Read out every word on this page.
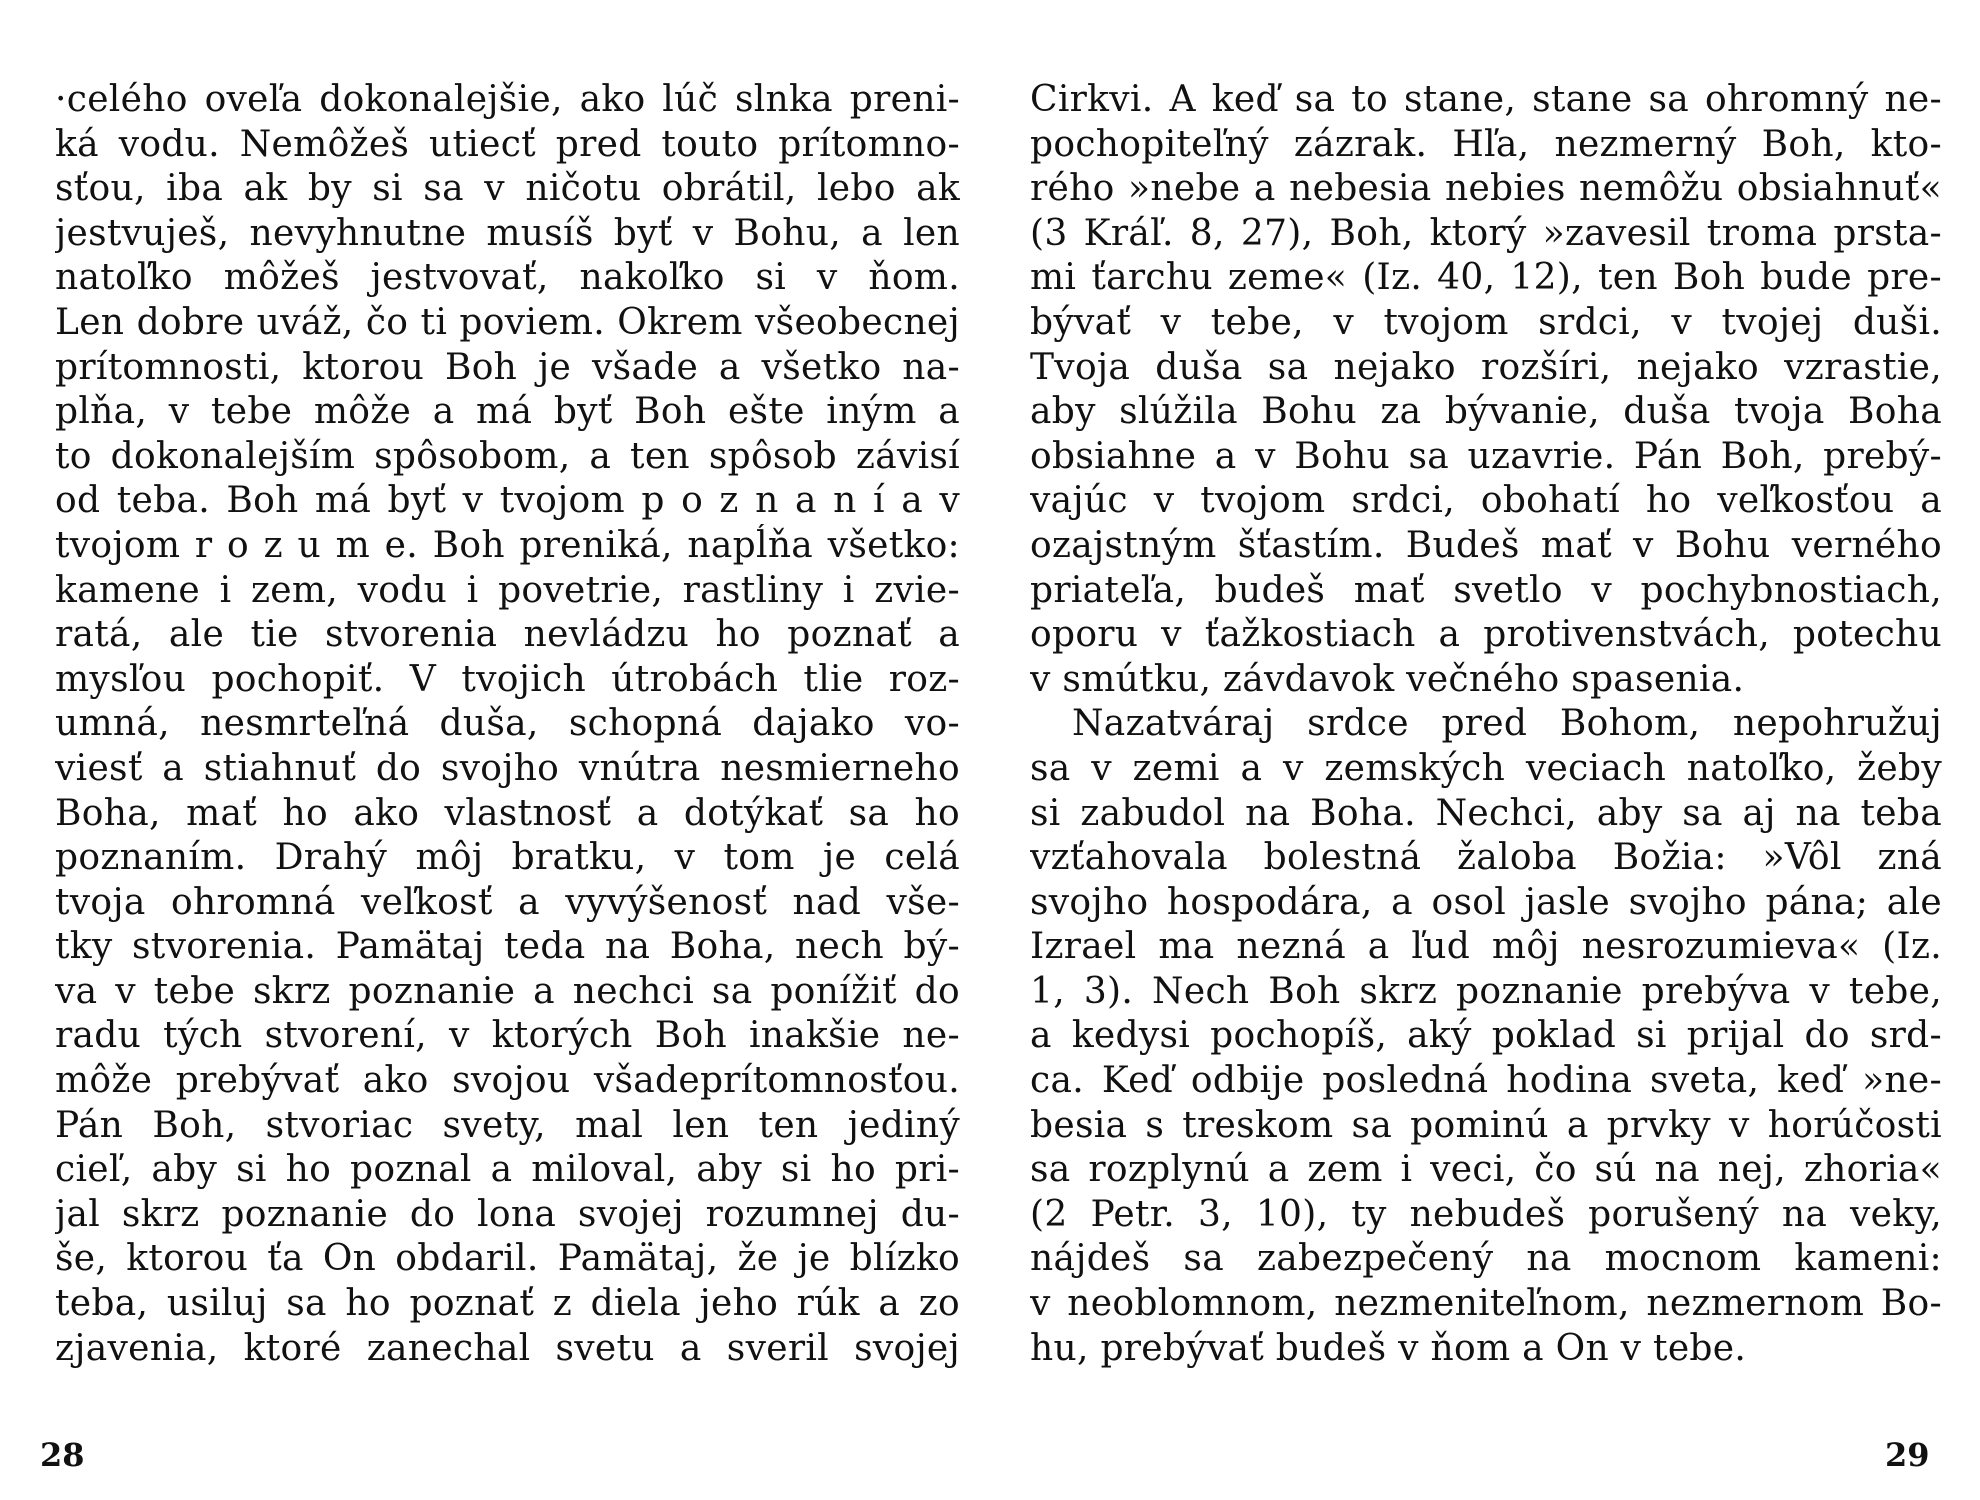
·celého oveľa dokonalejšie, ako lúč slnka preni-
ká vodu. Nemôžeš utiecť pred touto prítomno-
sťou, iba ak by si sa v ničotu obrátil, lebo ak
jestvuješ, nevyhnutne musíš byť v Bohu, a len
natoľko môžeš jestvovať, nakoľko si v ňom.
Len dobre uváž, čo ti poviem. Okrem všeobecnej
prítomnosti, ktorou Boh je všade a všetko na-
plňa, v tebe môže a má byť Boh ešte iným a
to dokonalejším spôsobom, a ten spôsob závisí
od teba. Boh má byť v tvojom p o z n a n í a v
tvojom r o z u m e. Boh preniká, napĺňa všetko:
kamene i zem, vodu i povetrie, rastliny i zvie-
ratá, ale tie stvorenia nevládzu ho poznať a
mysľou pochopiť. V tvojich útrobách tlie roz-
umná, nesmrteľná duša, schopná dajako vo-
viesť a stiahnuť do svojho vnútra nesmierneho
Boha, mať ho ako vlastnosť a dotýkať sa ho
poznaním. Drahý môj bratku, v tom je celá
tvoja ohromná veľkosť a vyvýšenosť nad vše-
tky stvorenia. Pamätaj teda na Boha, nech bý-
va v tebe skrz poznanie a nechci sa ponížiť do
radu tých stvorení, v ktorých Boh inakšie ne-
môže prebývať ako svojou všadeprítomnosťou.
Pán Boh, stvoriac svety, mal len ten jediný
cieľ, aby si ho poznal a miloval, aby si ho pri-
jal skrz poznanie do lona svojej rozumnej du-
še, ktorou ťa On obdaril. Pamätaj, že je blízko
teba, usiluj sa ho poznať z diela jeho rúk a zo
zjavenia, ktoré zanechal svetu a sveril svojej
Cirkvi. A keď sa to stane, stane sa ohromný ne-
pochopiteľný zázrak. Hľa, nezmerný Boh, kto-
rého »nebe a nebesia nebies nemôžu obsiahnuť«
(3 Kráľ. 8, 27), Boh, ktorý »zavesil troma prsta-
mi ťarchu zeme« (Iz. 40, 12), ten Boh bude pre-
bývať v tebe, v tvojom srdci, v tvojej duši.
Tvoja duša sa nejako rozšíri, nejako vzrastie,
aby slúžila Bohu za bývanie, duša tvoja Boha
obsiahne a v Bohu sa uzavrie. Pán Boh, prebý-
vajúc v tvojom srdci, obohatí ho veľkosťou a
ozajstným šťastím. Budeš mať v Bohu verného
priateľa, budeš mať svetlo v pochybnostiach,
oporu v ťažkostiach a protivenstvách, potechu
v smútku, závdavok večného spasenia.
Nazatváraj srdce pred Bohom, nepohružuj
sa v zemi a v zemských veciach natoľko, žeby
si zabudol na Boha. Nechci, aby sa aj na teba
vzťahovala bolestná žaloba Božia: »Vôl zná
svojho hospodára, a osol jasle svojho pána; ale
Izrael ma nezná a ľud môj nesrozumieva« (Iz.
1, 3). Nech Boh skrz poznanie prebýva v tebe,
a kedysi pochopíš, aký poklad si prijal do srd-
ca. Keď odbije posledná hodina sveta, keď »ne-
besia s treskom sa pominú a prvky v horúčosti
sa rozplynú a zem i veci, čo sú na nej, zhoria«
(2 Petr. 3, 10), ty nebudeš porušený na veky,
nájdeš sa zabezpečený na mocnom kameni:
v neoblomnom, nezmeniteľnom, nezmernom Bo-
hu, prebývať budeš v ňom a On v tebe.
28	29
